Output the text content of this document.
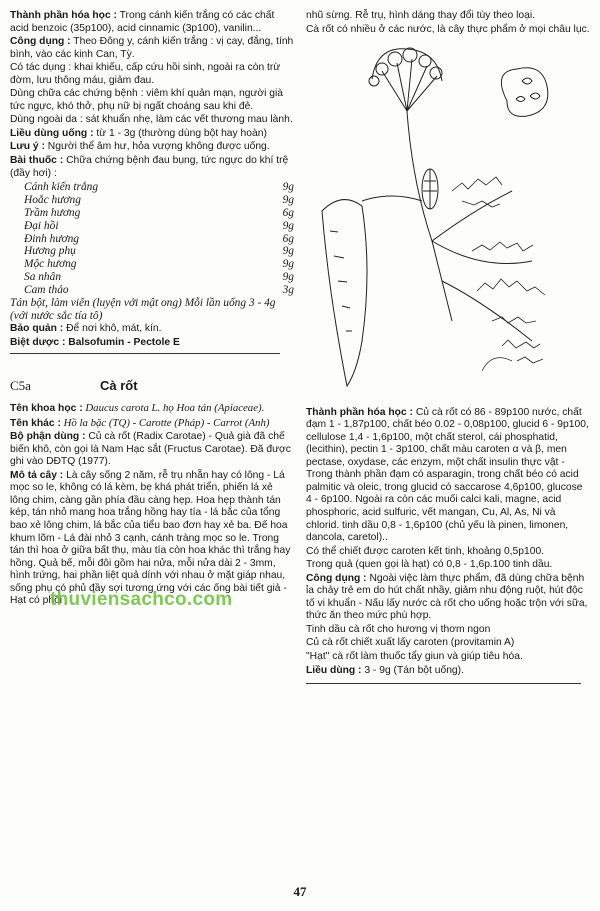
Thành phần hóa học : Trong cánh kiến trắng có các chất acid benzoic (35p100), acid cinnamic (3p100), vanilin...

Công dụng : Theo Đông y, cánh kiến trắng : vị cay, đắng, tính bình, vào các kinh Can, Tỳ.

Có tác dụng : khai khiếu, cấp cứu hồi sinh, ngoài ra còn trừ đờm, lưu thông máu, giảm đau.

Dùng chữa các chứng bệnh : viêm khí quản mạn, người già tức ngực, khó thở, phụ nữ bị ngất choáng sau khi đẻ.

Dùng ngoài da : sát khuẩn nhẹ, làm các vết thương mau lành.

Liều dùng uống : từ 1 - 3g (thường dùng bột hay hoàn)

Lưu ý : Người thể âm hư, hỏa vượng không được uống.

Bài thuốc : Chữa chứng bệnh đau bụng, tức ngực do khí trệ (đầy hơi) :

Cánh kiến trắng	9g
Hoắc hương	9g
Trầm hương	6g
Đại hồi	9g
Đinh hương	6g
Hương phụ	9g
Mộc hương	9g
Sa nhân	9g
Cam thảo	3g

Tán bột, làm viên (luyện với mật ong) Mỗi lần uống 3 - 4g (với nước sắc tía tô)

Bảo quản : Để nơi khô, mát, kín.

Biệt dược : Balsofumin - Pectole E

C5a	Cà rốt

Tên khoa học : Daucus carota L. họ Hoa tán (Apiaceae).

Tên khác : Hồ la bặc (TQ) - Carotte (Pháp) - Carrot (Anh)

Bộ phận dùng : Củ cà rốt (Radix Carotae) - Quả già đã chế biến khô, còn gọi là Nam Hạc sắt (Fructus Carotae). Đã được ghi vào DĐTQ (1977).

Mô tả cây : Là cây sống 2 năm, rễ trụ nhẵn hay có lông - Lá mọc so le, không có lá kèm, bẹ khá phát triển, phiến lá xẻ lông chim, càng gần phía đầu càng hẹp. Hoa hẹp thành tán kép, tán nhỏ mang hoa trắng hồng hay tía - lá bắc của tổng bao xẻ lông chim, lá bắc của tiểu bao đơn hay xẻ ba. Đế hoa khum lõm - Lá đài nhỏ 3 cạnh, cánh tràng mọc so le. Trong tán thì hoa ở giữa bất thụ, màu tía còn hoa khác thì trắng hay hồng. Quả bế, mỗi đôi gồm hai nửa, mỗi nửa dài 2 - 3mm, hình trứng, hai phần liệt quả dính với nhau ở mặt giáp nhau, sống phụ có phủ đầy sợi tương ứng với các ống bài tiết giả - Hạt có phôi

nhũ sừng. Rễ trụ, hình dáng thay đổi tùy theo loại.

Cà rốt có nhiều ở các nước, là cây thực phẩm ở mọi châu lục.

Thành phần hóa học : Củ cà rốt có 86 - 89p100 nước, chất đạm 1 - 1,87p100, chất béo 0.02 - 0,08p100, glucid 6 - 9p100, cellulose 1,4 - 1,6p100, một chất sterol, cái phosphatid, (lecithin), pectin 1 - 3p100, chất màu caroten α và β, men pectase, oxydase, các enzym, một chất insulin thực vật - Trong thành phần đạm có asparagin, trong chất béo có acid palmitic và oleic, trong glucid có saccarose 4,6p100, glucose 4 - 6p100. Ngoài ra còn các muối calci kali, magne, acid phosphoric, acid sulfuric, vết mangan, Cu, Al, As, Ni và chlorid. tinh dầu 0,8 - 1,6p100 (chủ yếu là pinen, limonen, dancola, caretol)..

Có thể chiết được caroten kết tinh, khoảng 0,5p100.

Trong quả (quen gọi là hạt) có 0,8 - 1,6p.100 tinh dầu.

Công dụng : Ngoài việc làm thực phẩm, đã dùng chữa bệnh ỉa chảy trẻ em do hút chất nhầy, giảm nhu động ruột, hút độc tố vi khuẩn - Nấu lấy nước cà rốt cho uống hoặc trộn với sữa, thức ăn theo mức phù hợp.

Tinh dầu cà rốt cho hương vị thơm ngon

Củ cà rốt chiết xuất lấy caroten (provitamin A)

"Hạt" cà rốt làm thuốc tẩy giun và giúp tiêu hóa.

Liều dùng : 3 - 9g (Tán bột uống).

thuviensachco.com
47
